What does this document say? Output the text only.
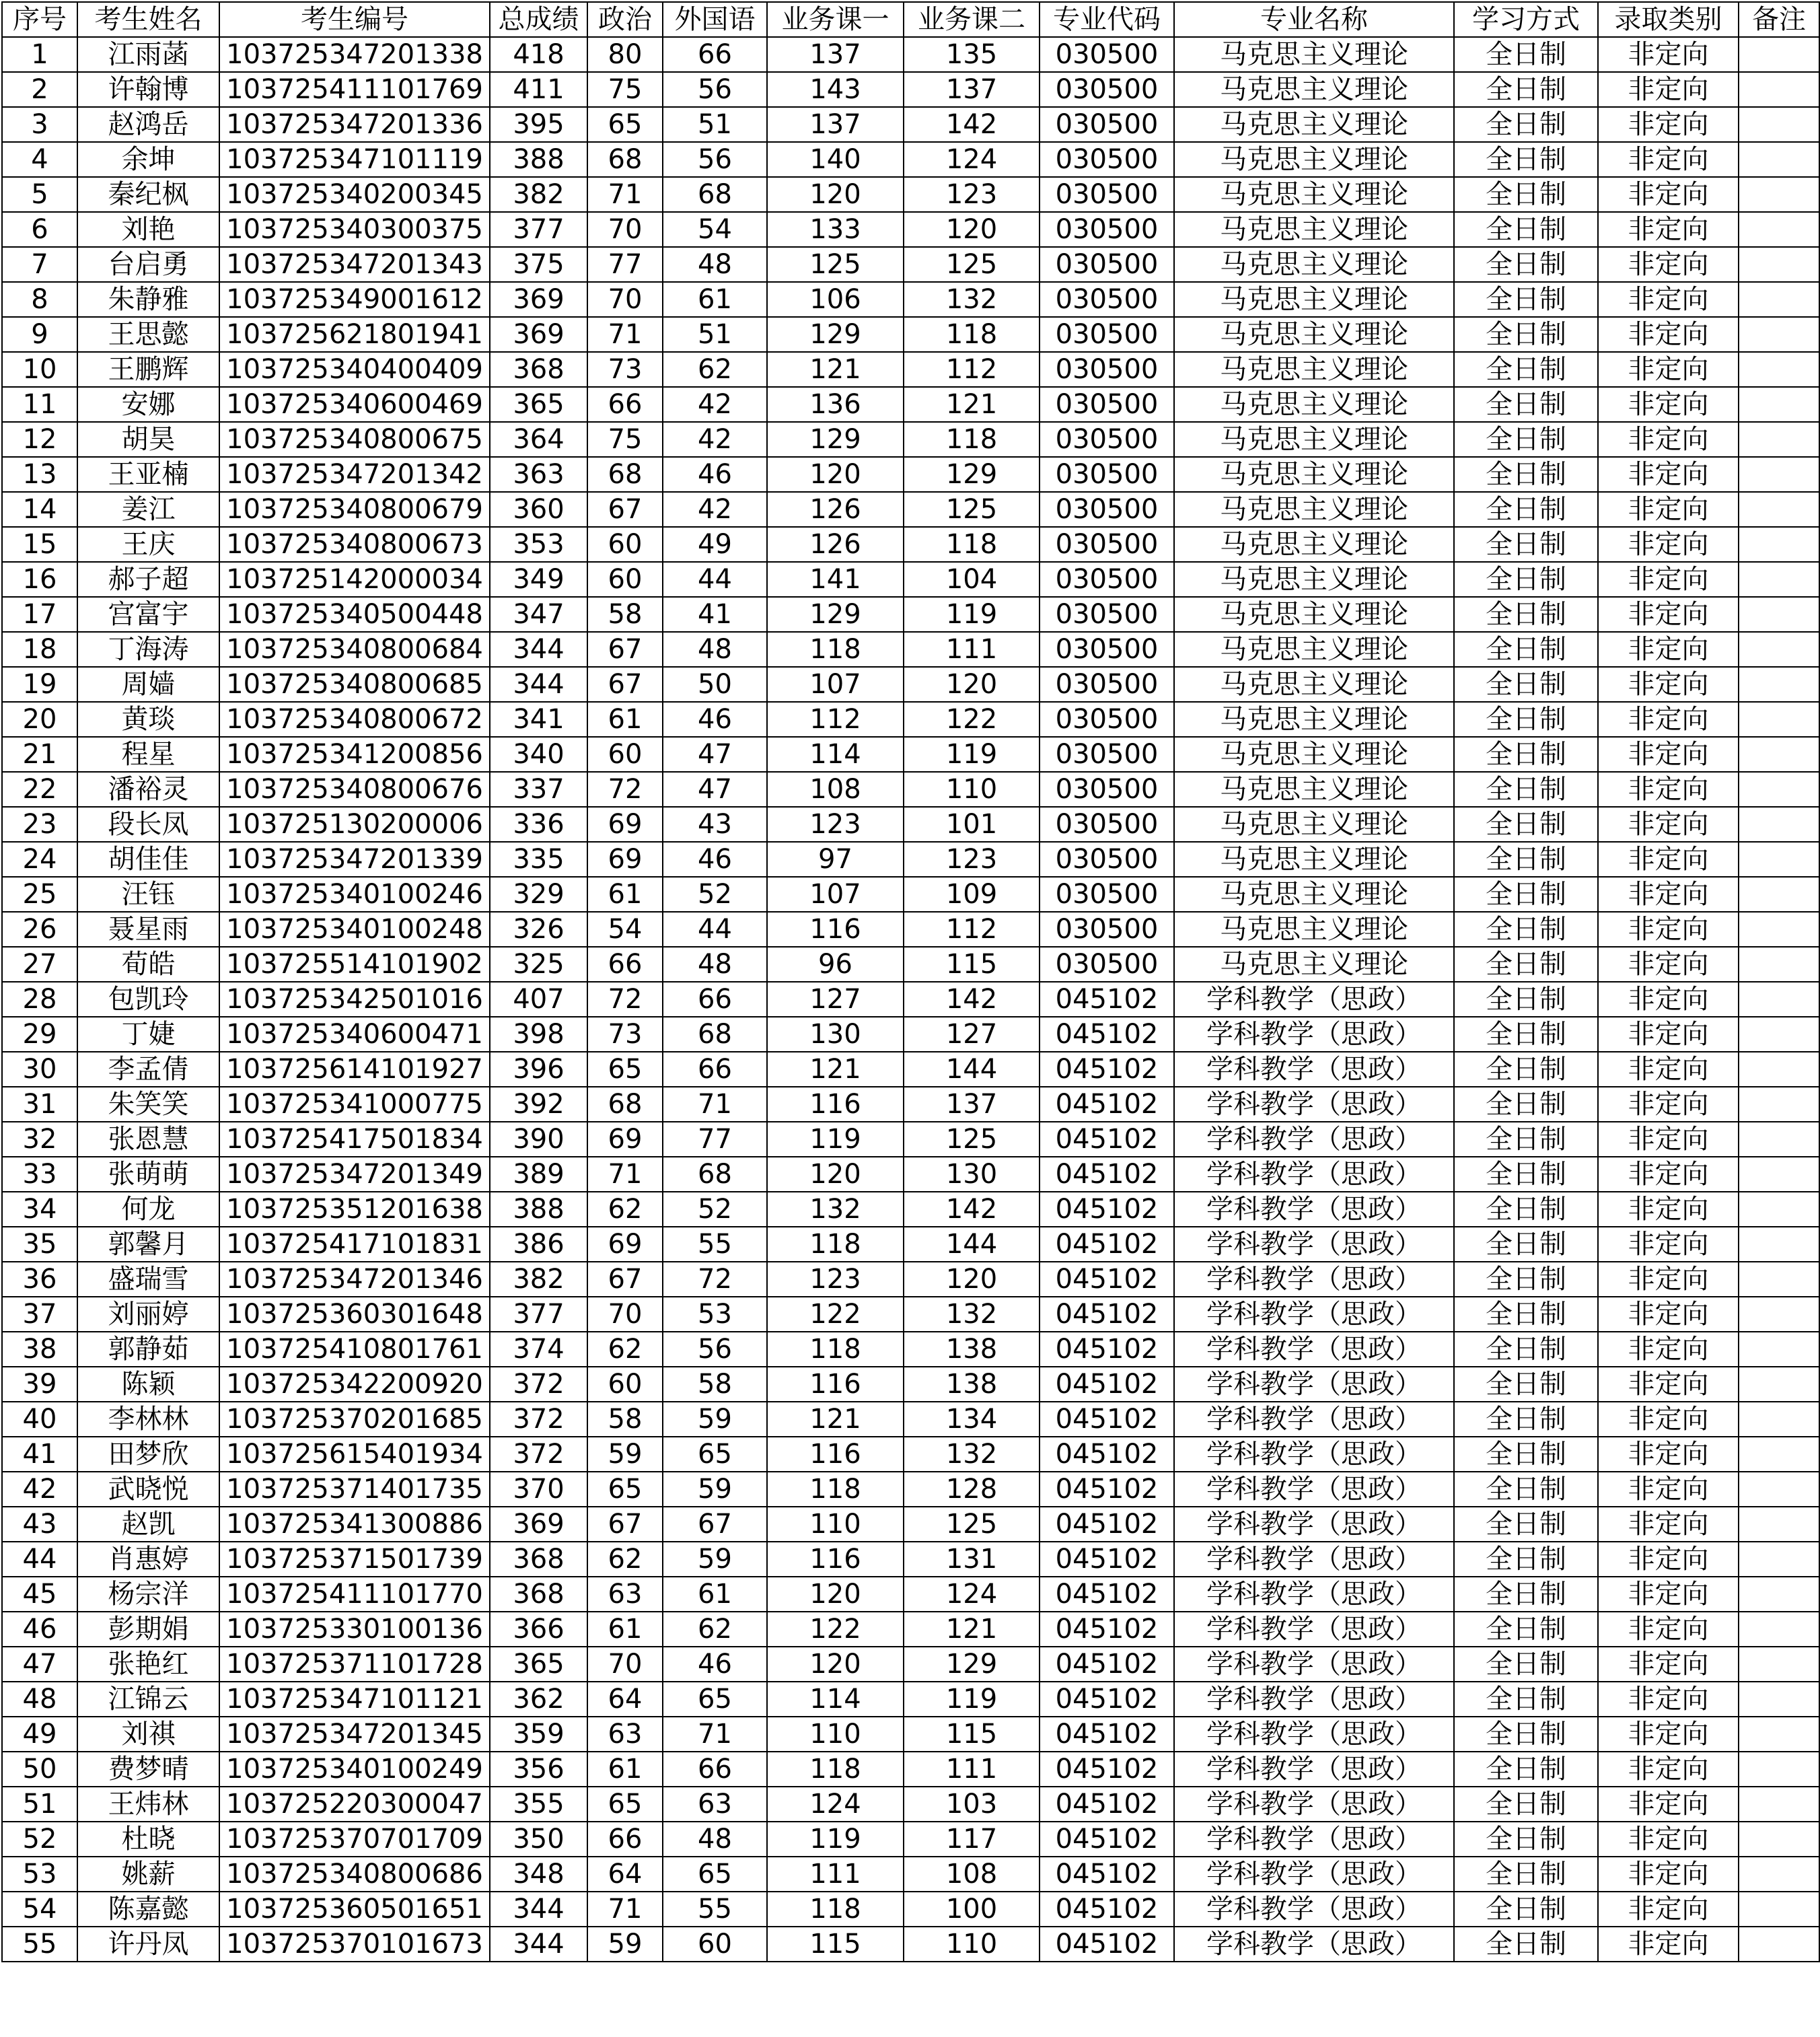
序号	考生姓名	考生编号	总成绩	政治	外国语	业务课一	业务课二	专业代码	专业名称	学习方式	录取类别	备注
1	江雨菡	103725347201338	418	80	66	137	135	030500	马克思主义理论	全日制	非定向	
2	许翰博	103725411101769	411	75	56	143	137	030500	马克思主义理论	全日制	非定向	
3	赵鸿岳	103725347201336	395	65	51	137	142	030500	马克思主义理论	全日制	非定向	
4	余坤	103725347101119	388	68	56	140	124	030500	马克思主义理论	全日制	非定向	
5	秦纪枫	103725340200345	382	71	68	120	123	030500	马克思主义理论	全日制	非定向	
6	刘艳	103725340300375	377	70	54	133	120	030500	马克思主义理论	全日制	非定向	
7	台启勇	103725347201343	375	77	48	125	125	030500	马克思主义理论	全日制	非定向	
8	朱静雅	103725349001612	369	70	61	106	132	030500	马克思主义理论	全日制	非定向	
9	王思懿	103725621801941	369	71	51	129	118	030500	马克思主义理论	全日制	非定向	
10	王鹏辉	103725340400409	368	73	62	121	112	030500	马克思主义理论	全日制	非定向	
11	安娜	103725340600469	365	66	42	136	121	030500	马克思主义理论	全日制	非定向	
12	胡昊	103725340800675	364	75	42	129	118	030500	马克思主义理论	全日制	非定向	
13	王亚楠	103725347201342	363	68	46	120	129	030500	马克思主义理论	全日制	非定向	
14	姜江	103725340800679	360	67	42	126	125	030500	马克思主义理论	全日制	非定向	
15	王庆	103725340800673	353	60	49	126	118	030500	马克思主义理论	全日制	非定向	
16	郝子超	103725142000034	349	60	44	141	104	030500	马克思主义理论	全日制	非定向	
17	宫富宇	103725340500448	347	58	41	129	119	030500	马克思主义理论	全日制	非定向	
18	丁海涛	103725340800684	344	67	48	118	111	030500	马克思主义理论	全日制	非定向	
19	周嫱	103725340800685	344	67	50	107	120	030500	马克思主义理论	全日制	非定向	
20	黄琰	103725340800672	341	61	46	112	122	030500	马克思主义理论	全日制	非定向	
21	程星	103725341200856	340	60	47	114	119	030500	马克思主义理论	全日制	非定向	
22	潘裕灵	103725340800676	337	72	47	108	110	030500	马克思主义理论	全日制	非定向	
23	段长凤	103725130200006	336	69	43	123	101	030500	马克思主义理论	全日制	非定向	
24	胡佳佳	103725347201339	335	69	46	97	123	030500	马克思主义理论	全日制	非定向	
25	汪钰	103725340100246	329	61	52	107	109	030500	马克思主义理论	全日制	非定向	
26	聂星雨	103725340100248	326	54	44	116	112	030500	马克思主义理论	全日制	非定向	
27	荀皓	103725514101902	325	66	48	96	115	030500	马克思主义理论	全日制	非定向	
28	包凯玲	103725342501016	407	72	66	127	142	045102	学科教学（思政）	全日制	非定向	
29	丁婕	103725340600471	398	73	68	130	127	045102	学科教学（思政）	全日制	非定向	
30	李孟倩	103725614101927	396	65	66	121	144	045102	学科教学（思政）	全日制	非定向	
31	朱笑笑	103725341000775	392	68	71	116	137	045102	学科教学（思政）	全日制	非定向	
32	张恩慧	103725417501834	390	69	77	119	125	045102	学科教学（思政）	全日制	非定向	
33	张萌萌	103725347201349	389	71	68	120	130	045102	学科教学（思政）	全日制	非定向	
34	何龙	103725351201638	388	62	52	132	142	045102	学科教学（思政）	全日制	非定向	
35	郭馨月	103725417101831	386	69	55	118	144	045102	学科教学（思政）	全日制	非定向	
36	盛瑞雪	103725347201346	382	67	72	123	120	045102	学科教学（思政）	全日制	非定向	
37	刘丽婷	103725360301648	377	70	53	122	132	045102	学科教学（思政）	全日制	非定向	
38	郭静茹	103725410801761	374	62	56	118	138	045102	学科教学（思政）	全日制	非定向	
39	陈颖	103725342200920	372	60	58	116	138	045102	学科教学（思政）	全日制	非定向	
40	李林林	103725370201685	372	58	59	121	134	045102	学科教学（思政）	全日制	非定向	
41	田梦欣	103725615401934	372	59	65	116	132	045102	学科教学（思政）	全日制	非定向	
42	武晓悦	103725371401735	370	65	59	118	128	045102	学科教学（思政）	全日制	非定向	
43	赵凯	103725341300886	369	67	67	110	125	045102	学科教学（思政）	全日制	非定向	
44	肖惠婷	103725371501739	368	62	59	116	131	045102	学科教学（思政）	全日制	非定向	
45	杨宗洋	103725411101770	368	63	61	120	124	045102	学科教学（思政）	全日制	非定向	
46	彭期娟	103725330100136	366	61	62	122	121	045102	学科教学（思政）	全日制	非定向	
47	张艳红	103725371101728	365	70	46	120	129	045102	学科教学（思政）	全日制	非定向	
48	江锦云	103725347101121	362	64	65	114	119	045102	学科教学（思政）	全日制	非定向	
49	刘祺	103725347201345	359	63	71	110	115	045102	学科教学（思政）	全日制	非定向	
50	费梦晴	103725340100249	356	61	66	118	111	045102	学科教学（思政）	全日制	非定向	
51	王炜林	103725220300047	355	65	63	124	103	045102	学科教学（思政）	全日制	非定向	
52	杜晓	103725370701709	350	66	48	119	117	045102	学科教学（思政）	全日制	非定向	
53	姚薪	103725340800686	348	64	65	111	108	045102	学科教学（思政）	全日制	非定向	
54	陈嘉懿	103725360501651	344	71	55	118	100	045102	学科教学（思政）	全日制	非定向	
55	许丹凤	103725370101673	344	59	60	115	110	045102	学科教学（思政）	全日制	非定向	
